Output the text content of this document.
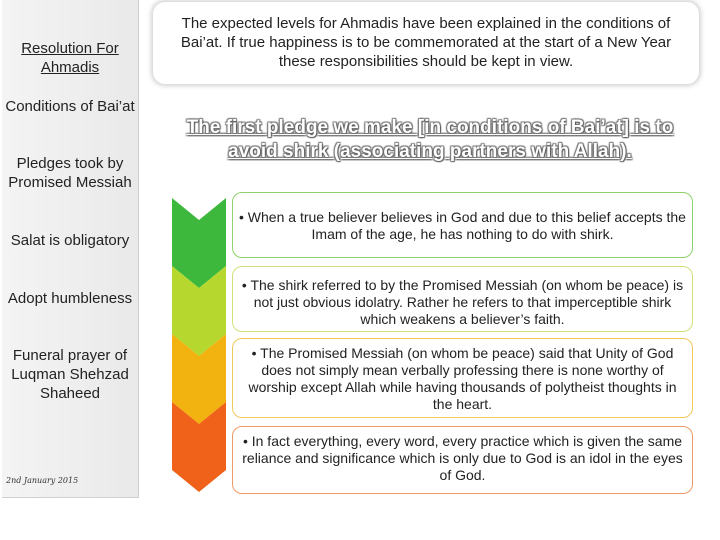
Resolution For Ahmadis
Conditions of Bai’at
Pledges took by Promised Messiah
Salat is obligatory
Adopt humbleness
Funeral prayer of Luqman Shehzad Shaheed
2nd January 2015
The expected levels for Ahmadis have been explained in the conditions of Bai’at. If true happiness is to be commemorated at the start of a New Year these responsibilities should be kept in view.
The first pledge we make [in conditions of Bai’at] is to avoid shirk (associating partners with Allah).
• When a true believer believes in God and due to this belief accepts the Imam of the age, he has nothing to do with shirk.
• The shirk referred to by the Promised Messiah (on whom be peace) is not just obvious idolatry. Rather he refers to that imperceptible shirk which weakens a believer’s faith.
• The Promised Messiah (on whom be peace) said that Unity of God does not simply mean verbally professing there is none worthy of worship except Allah while having thousands of polytheist thoughts in the heart.
• In fact everything, every word, every practice which is given the same reliance and significance which is only due to God is an idol in the eyes of God.
